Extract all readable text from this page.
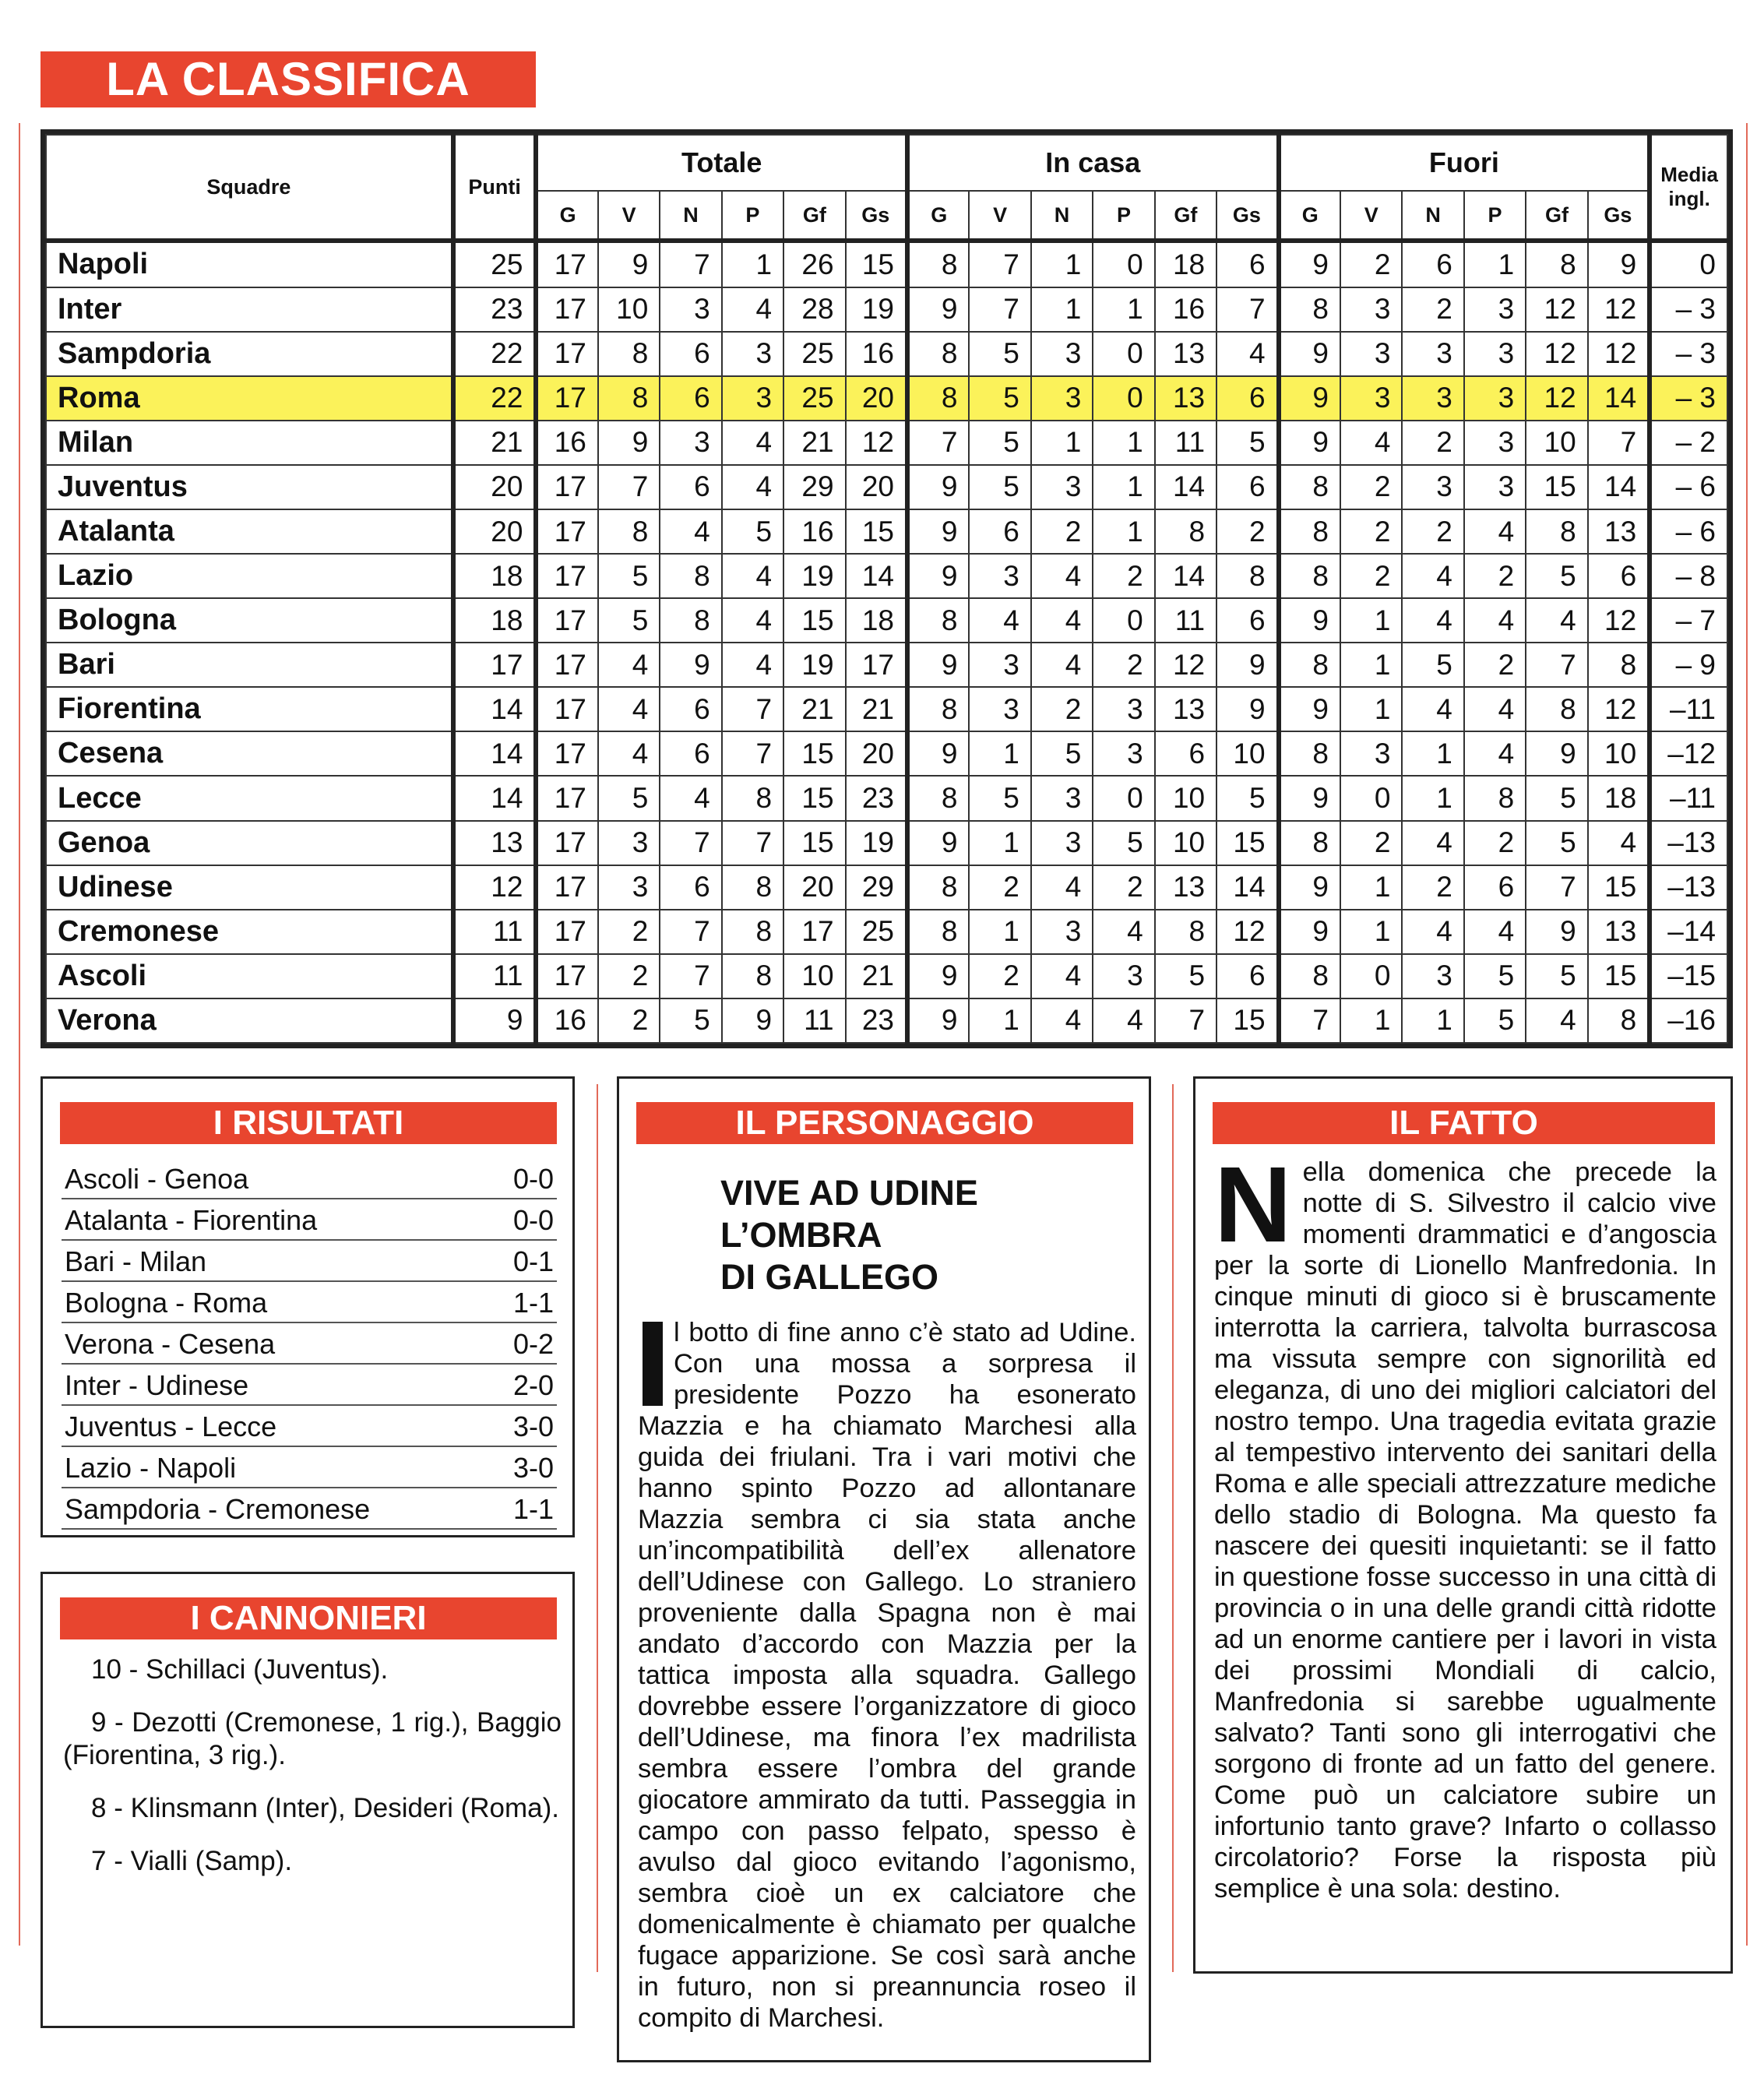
LA CLASSIFICA
Squadre	Punti	Totale						In casa						Fuori						Media
ingl.

		G	V	N	P	Gf	Gs	G	V	N	P	Gf	Gs	G	V	N	P	Gf	Gs	
Napoli	25	17	9	7	1	26	15	8	7	1	0	18	6	9	2	6	1	8	9	0
Inter	23	17	10	3	4	28	19	9	7	1	1	16	7	8	3	2	3	12	12	– 3
Sampdoria	22	17	8	6	3	25	16	8	5	3	0	13	4	9	3	3	3	12	12	– 3
Roma	22	17	8	6	3	25	20	8	5	3	0	13	6	9	3	3	3	12	14	– 3
Milan	21	16	9	3	4	21	12	7	5	1	1	11	5	9	4	2	3	10	7	– 2
Juventus	20	17	7	6	4	29	20	9	5	3	1	14	6	8	2	3	3	15	14	– 6
Atalanta	20	17	8	4	5	16	15	9	6	2	1	8	2	8	2	2	4	8	13	– 6
Lazio	18	17	5	8	4	19	14	9	3	4	2	14	8	8	2	4	2	5	6	– 8
Bologna	18	17	5	8	4	15	18	8	4	4	0	11	6	9	1	4	4	4	12	– 7
Bari	17	17	4	9	4	19	17	9	3	4	2	12	9	8	1	5	2	7	8	– 9
Fiorentina	14	17	4	6	7	21	21	8	3	2	3	13	9	9	1	4	4	8	12	–11
Cesena	14	17	4	6	7	15	20	9	1	5	3	6	10	8	3	1	4	9	10	–12
Lecce	14	17	5	4	8	15	23	8	5	3	0	10	5	9	0	1	8	5	18	–11
Genoa	13	17	3	7	7	15	19	9	1	3	5	10	15	8	2	4	2	5	4	–13
Udinese	12	17	3	6	8	20	29	8	2	4	2	13	14	9	1	2	6	7	15	–13
Cremonese	11	17	2	7	8	17	25	8	1	3	4	8	12	9	1	4	4	9	13	–14
Ascoli	11	17	2	7	8	10	21	9	2	4	3	5	6	8	0	3	5	5	15	–15
Verona	9	16	2	5	9	11	23	9	1	4	4	7	15	7	1	1	5	4	8	–16
I RISULTATI
Ascoli - Genoa	0-0
Atalanta - Fiorentina	0-0
Bari - Milan	0-1
Bologna - Roma	1-1
Verona - Cesena	0-2
Inter - Udinese	2-0
Juventus - Lecce	3-0
Lazio - Napoli	3-0
Sampdoria - Cremonese	1-1
I CANNONIERI
10 - Schillaci (Juventus).
9 - Dezotti (Cremonese, 1 rig.), Baggio (Fiorentina, 3 rig.).
8 - Klinsmann (Inter), Desideri (Roma).
7 - Vialli (Samp).
IL PERSONAGGIO
VIVE AD UDINE
L’OMBRA
DI GALLEGO

l botto di fine anno c’è stato ad Udine. Con una mossa a sorpresa il presidente Pozzo ha esonerato Mazzia e ha chiamato Marchesi alla guida dei friulani. Tra i vari motivi che hanno spinto Pozzo ad allontanare Mazzia sembra ci sia stata anche un’incompatibilità dell’ex allenatore dell’Udinese con Gallego. Lo straniero proveniente dalla Spagna non è mai andato d’accordo con Mazzia per la tattica imposta alla squadra. Gallego dovrebbe essere l’organizzatore di gioco dell’Udinese, ma finora l’ex madrilista sembra essere l’ombra del grande giocatore ammirato da tutti. Passeggia in campo con passo felpato, spesso è avulso dal gioco evitando l’agonismo, sembra cioè un ex calciatore che domenicalmente è chiamato per qualche fugace apparizione. Se così sarà anche in futuro, non si preannuncia roseo il compito di Marchesi.

IL FATTO

Nella domenica che precede la notte di S. Silvestro il calcio vive momenti drammatici e d’angoscia per la sorte di Lionello Manfredonia. In cinque minuti di gioco si è bruscamente interrotta la carriera, talvolta burrascosa ma vissuta sempre con signorilità ed eleganza, di uno dei migliori calciatori del nostro tempo. Una tragedia evitata grazie al tempestivo intervento dei sanitari della Roma e alle speciali attrezzature mediche dello stadio di Bologna. Ma questo fa nascere dei quesiti inquietanti: se il fatto in questione fosse successo in una città di provincia o in una delle grandi città ridotte ad un enorme cantiere per i lavori in vista dei prossimi Mondiali di calcio, Manfredonia si sarebbe ugualmente salvato? Tanti sono gli interrogativi che sorgono di fronte ad un fatto del genere. Come può un calciatore subire un infortunio tanto grave? Infarto o collasso circolatorio? Forse la risposta più semplice è una sola: destino.
